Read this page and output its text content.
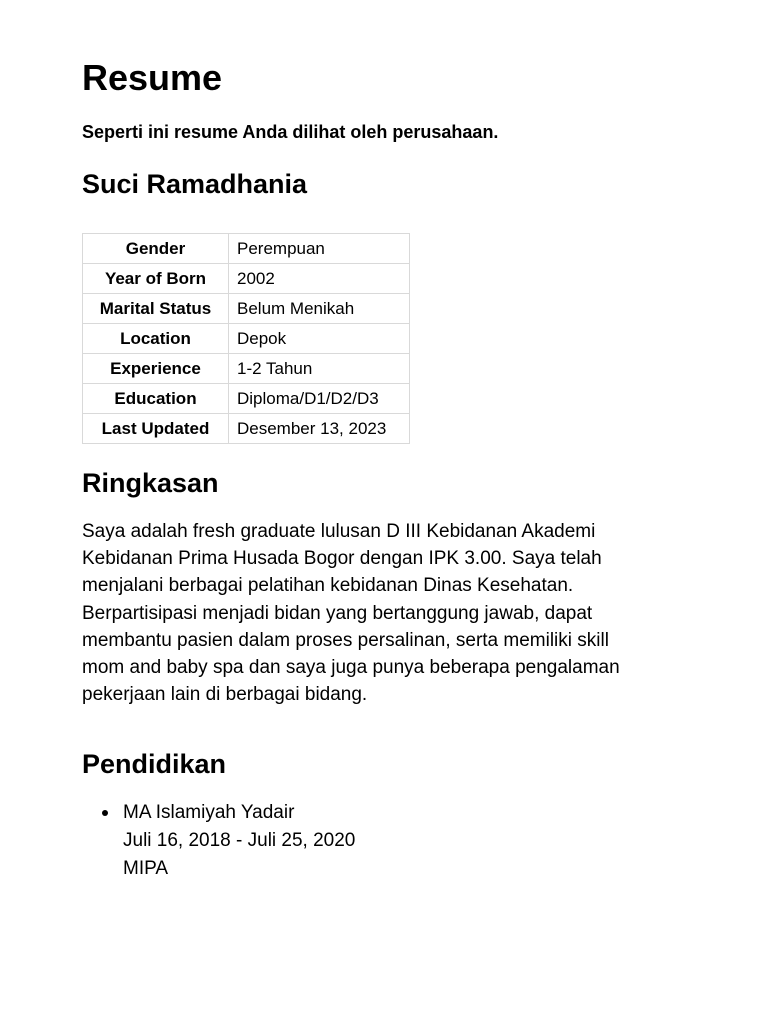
Resume

Seperti ini resume Anda dilihat oleh perusahaan.

Suci Ramadhania
Gender	Perempuan
Year of Born	2002
Marital Status	Belum Menikah
Location	Depok
Experience	1-2 Tahun
Education	Diploma/D1/D2/D3
Last Updated	Desember 13, 2023
Ringkasan
Saya adalah fresh graduate lulusan D III Kebidanan Akademi
Kebidanan Prima Husada Bogor dengan IPK 3.00. Saya telah
menjalani berbagai pelatihan kebidanan Dinas Kesehatan.
Berpartisipasi menjadi bidan yang bertanggung jawab, dapat
membantu pasien dalam proses persalinan, serta memiliki skill
mom and baby spa dan saya juga punya beberapa pengalaman
pekerjaan lain di berbagai bidang.
Pendidikan
MA Islamiyah Yadair
Juli 16, 2018 - Juli 25, 2020
MIPA
